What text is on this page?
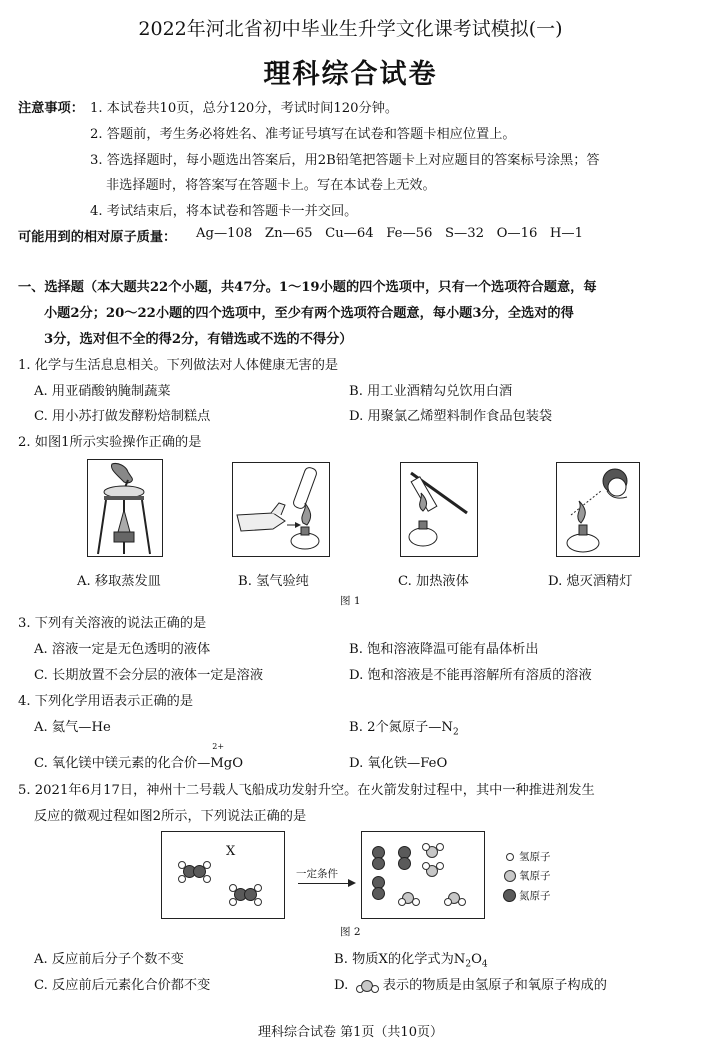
2022年河北省初中毕业生升学文化课考试模拟(一)
理科综合试卷
注意事项： 1. 本试卷共10页，总分120分，考试时间120分钟。
2. 答题前，考生务必将姓名、准考证号填写在试卷和答题卡相应位置上。
3. 答选择题时，每小题选出答案后，用2B铅笔把答题卡上对应题目的答案标号涂黑；答
非选择题时，将答案写在答题卡上。写在本试卷上无效。
4. 考试结束后，将本试卷和答题卡一并交回。
可能用到的相对原子质量： Ag—108   Zn—65   Cu—64   Fe—56   S—32   O—16   H—1
一、选择题（本大题共22个小题，共47分。1～19小题的四个选项中，只有一个选项符合题意，每
小题2分；20～22小题的四个选项中，至少有两个选项符合题意，每小题3分，全选对的得
3分，选对但不全的得2分，有错选或不选的不得分）
1. 化学与生活息息相关。下列做法对人体健康无害的是
A. 用亚硝酸钠腌制蔬菜	B. 用工业酒精勾兑饮用白酒
C. 用小苏打做发酵粉焙制糕点	D. 用聚氯乙烯塑料制作食品包装袋
2. 如图1所示实验操作正确的是
A. 移取蒸发皿	B. 氢气验纯	C. 加热液体	D. 熄灭酒精灯
图 1
3. 下列有关溶液的说法正确的是
A. 溶液一定是无色透明的液体	B. 饱和溶液降温可能有晶体析出
C. 长期放置不会分层的液体一定是溶液	D. 饱和溶液是不能再溶解所有溶质的溶液
4. 下列化学用语表示正确的是
A. 氦气—He	B. 2个氮原子$—N_2$
C. 氧化镁中镁元素的化合价—
2+
MgO	D. 氧化铁—FeO
5. 2021年6月17日，神州十二号载人飞船成功发射升空。在火箭发射过程中，其中一种推进剂发生
反应的微观过程如图2所示，下列说法正确的是
X
一定条件
氢原子
氧原子
氮原子
图 2
A. 反应前后分子个数不变	B. 物质X的化学式为$N_2O_4$
C. 反应前后元素化合价都不变	D.	表示的物质是由氢原子和氧原子构成的
理科综合试卷 第1页（共10页）
